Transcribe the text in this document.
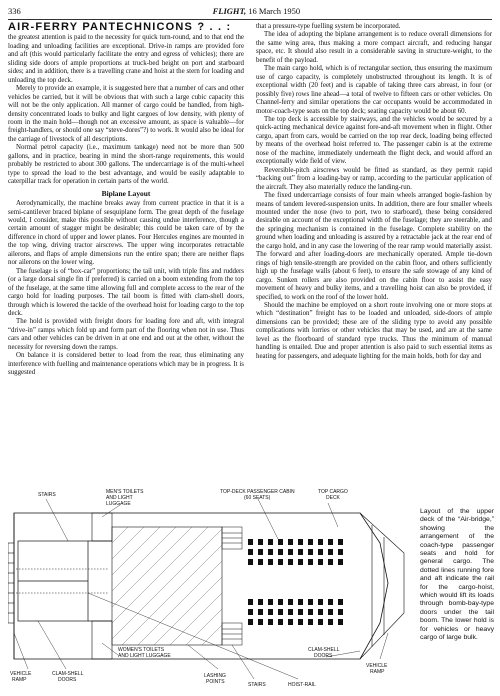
336	FLIGHT, 16 March 1950
AIR-FERRY PANTECHNICONS ? . . :

the greatest attention is paid to the necessity for quick turn-round, and to that end the loading and unloading facilities are exceptional. Drive-in ramps are provided fore and aft (this would particularly facilitate the entry and egress of vehicles); there are sliding side doors of ample proportions at truck-bed height on port and starboard sides; and in addition, there is a travelling crane and hoist at the stern for loading and unloading the top deck.

Merely to provide an example, it is suggested here that a number of cars and other vehicles be carried, but it will be obvious that with such a large cubic capacity this will not be the only application. All manner of cargo could be handled, from high-density concentrated loads to bulky and light cargoes of low density, with plenty of room in the main hold—though not an excessive amount, as space is valuable—for freight-handlers, or should one say “steve-dores”?) to work. It would also be ideal for the carriage of livestock of all descriptions.

Normal petrol capacity (i.e., maximum tankage) need not be more than 500 gallons, and in practice, bearing in mind the short-range requirements, this would probably be restricted to about 300 gallons. The undercarriage is of the multi-wheel type to spread the load to the best advantage, and would be easily adaptable to caterpillar track for operation in certain parts of the world.

Biplane Layout

Aerodynamically, the machine breaks away from current practice in that it is a semi-cantilever braced biplane of sesquiplane form. The great depth of the fuselage would, I consider, make this possible without causing undue interference, though a certain amount of stagger might be desirable; this could be taken care of by the difference in chord of upper and lower planes. Four Hercules engines are mounted in the top wing, driving tractor airscrews. The upper wing incorporates retractable ailerons, and flaps of ample dimensions run the entire span; there are neither flaps nor ailerons on the lower wing.

The fuselage is of “box-car” proportions; the tail unit, with triple fins and rudders (or a large dorsal single fin if preferred) is carried on a boom extending from the top of the fuselage, at the same time allowing full and complete access to the rear of the cargo hold for loading purposes. The tail boom is fitted with clam-shell doors, through which is lowered the tackle of the overhead hoist for loading cargo to the top deck.

The hold is provided with freight doors for loading fore and aft, with integral “drive-in” ramps which fold up and form part of the flooring when not in use. Thus cars and other vehicles can be driven in at one end and out at the other, without the necessity for reversing down the ramps.

On balance it is considered better to load from the rear, thus eliminating any interference with fuelling and maintenance operations which may be in progress. It is suggested

that a pressure-type fuelling system be incorporated.

The idea of adopting the biplane arrangement is to reduce overall dimensions for the same wing area, thus making a more compact aircraft, and reducing hangar space, etc. It should also result in a considerable saving in structure-weight, to the benefit of the payload.

The main cargo hold, which is of rectangular section, thus ensuring the maximum use of cargo capacity, is completely unobstructed throughout its length. It is of exceptional width (20 feet) and is capable of taking three cars abreast, in four (or possibly five) rows line ahead—a total of twelve to fifteen cars or other vehicles. On Channel-ferry and similar operations the car occupants would be accommodated in motor-coach-type seats on the top deck; seating capacity would be about 60.

The top deck is accessible by stairways, and the vehicles would be secured by a quick-acting mechanical device against fore-and-aft movement when in flight. Other cargo, apart from cars, would be carried on the top rear deck, loading being effected by means of the overhead hoist referred to. The passenger cabin is at the extreme nose of the machine, immediately underneath the flight deck, and would afford an exceptionally wide field of view.

Reversible-pitch airscrews would be fitted as standard, as they permit rapid “backing out” from a loading-bay or ramp, according to the particular application of the aircraft. They also materially reduce the landing-run.

The fixed undercarriage consists of four main wheels arranged bogie-fashion by means of tandem levered-suspension units. In addition, there are four smaller wheels mounted under the nose (two to port, two to starboard), these being considered desirable on account of the exceptional width of the fuselage; they are steerable, and the springing mechanism is contained in the fuselage. Complete stability on the ground when loading and unloading is assured by a retractable jack at the rear end of the cargo hold, and in any case the lowering of the rear ramp would materially assist. The forward and after loading-doors are mechanically operated. Ample tie-down rings of high tensile-strength are provided on the cabin floor, and others sufficiently high up the fuselage walls (about 6 feet), to ensure the safe stowage of any kind of cargo. Sunken rollers are also provided on the cabin floor to assist the easy movement of heavy and bulky items, and a travelling hoist can also be provided, if specified, to work on the roof of the lower hold.

Should the machine be employed on a short route involving one or more stops at which “destination” freight has to be loaded and unloaded, side-doors of ample dimensions can be provided; these are of the sliding type to avoid any possible complications with lorries or other vehicles that may be used, and are at the same level as the floorboard of standard type trucks. Thus the minimum of manual handling is entailed. Due and proper attention is also paid to such essential items as heating for passengers, and adequate lighting for the main holds, both for day and

STAIRS	MEN'S TOILETS AND LIGHT LUGGAGE
TOP-DECK PASSENGER CABIN (60 SEATS)
TOP CARGO DECK
WOMEN'S TOILETS AND LIGHT LUGGAGE
VEHICLE RAMP
CLAM-SHELL DOORS
LASHING POINTS	STAIRS	HOIST-RAIL
CLAM-SHELL DOORS
VEHICLE RAMP
Layout of the upper deck of the “Air-bridge,” showing the arrangement of the coach-type passenger seats and hold for general cargo. The dotted lines running fore and aft indicate the rail for the cargo-hoist, which would lift its loads through bomb-bay-type doors under the tail boom. The lower hold is for vehicles or heavy cargo of large bulk.
